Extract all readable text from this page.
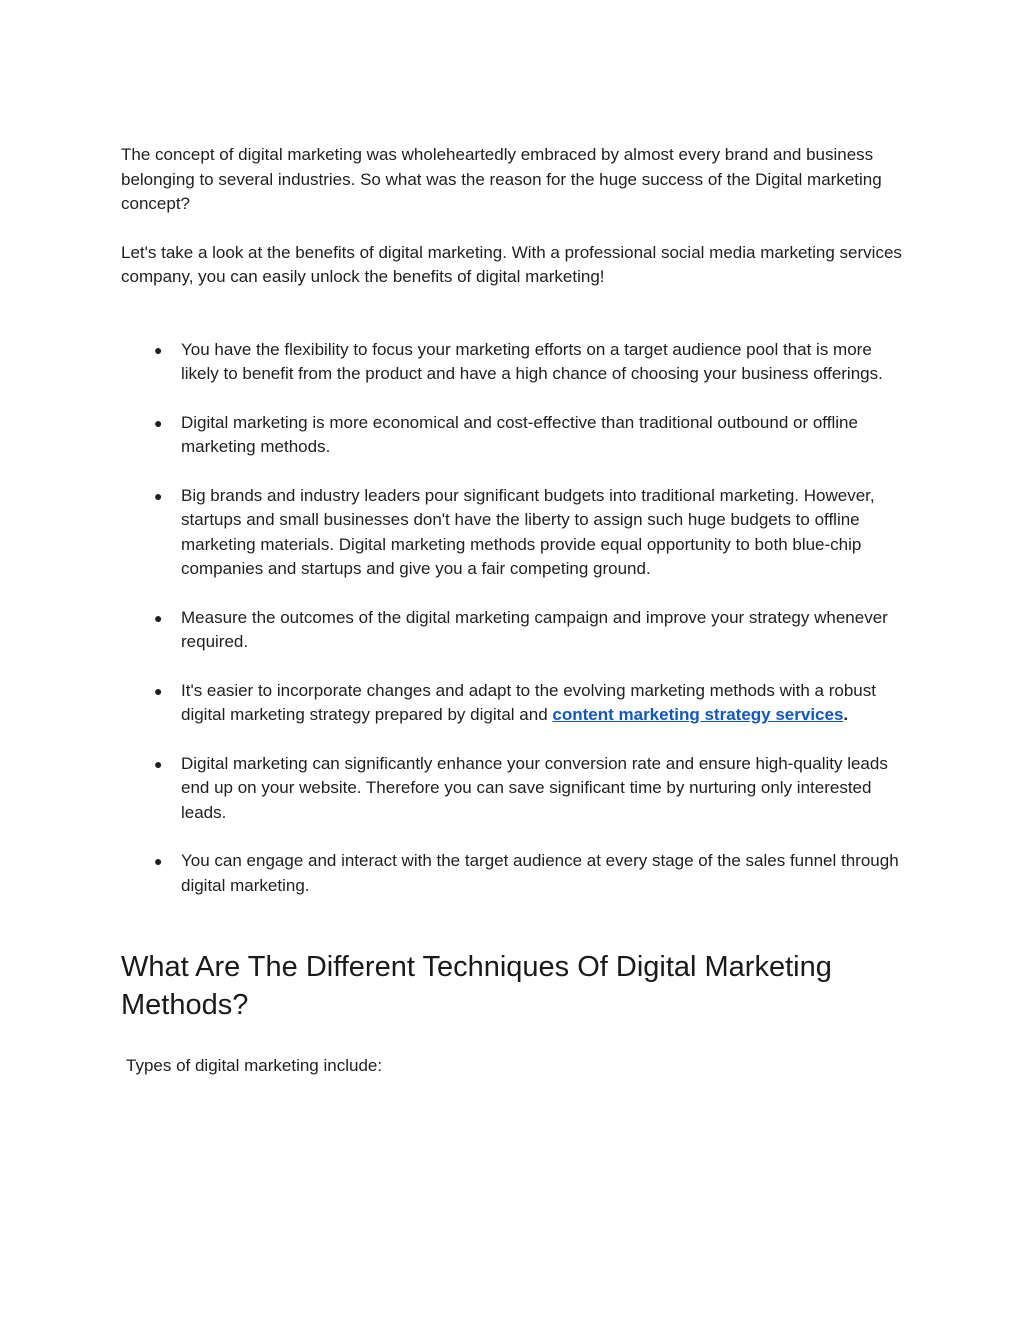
The concept of digital marketing was wholeheartedly embraced by almost every brand and business belonging to several industries. So what was the reason for the huge success of the Digital marketing concept?

Let's take a look at the benefits of digital marketing. With a professional social media marketing services company, you can easily unlock the benefits of digital marketing!

● You have the flexibility to focus your marketing efforts on a target audience pool that is more likely to benefit from the product and have a high chance of choosing your business offerings.
● Digital marketing is more economical and cost-effective than traditional outbound or offline marketing methods.
● Big brands and industry leaders pour significant budgets into traditional marketing. However, startups and small businesses don't have the liberty to assign such huge budgets to offline marketing materials. Digital marketing methods provide equal opportunity to both blue-chip companies and startups and give you a fair competing ground.
● Measure the outcomes of the digital marketing campaign and improve your strategy whenever required.
● It's easier to incorporate changes and adapt to the evolving marketing methods with a robust digital marketing strategy prepared by digital and content marketing strategy services.
● Digital marketing can significantly enhance your conversion rate and ensure high-quality leads end up on your website. Therefore you can save significant time by nurturing only interested leads.
● You can engage and interact with the target audience at every stage of the sales funnel through digital marketing.
What Are The Different Techniques Of Digital Marketing Methods?

Types of digital marketing include:
